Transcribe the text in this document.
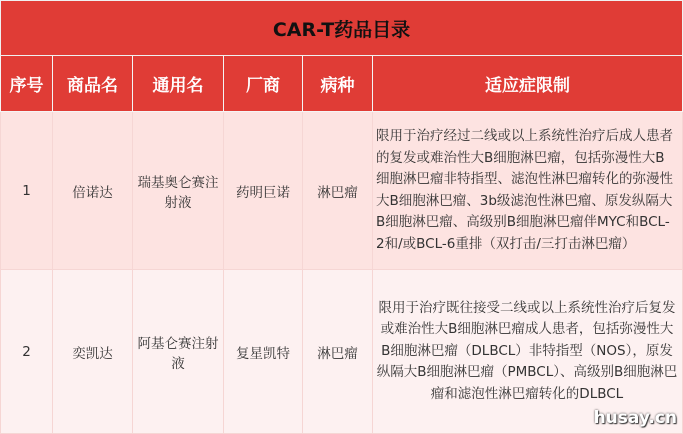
CAR-T药品目录					
序号	商品名	通用名	厂商	病种	适应症限制
1	倍诺达	瑞基奥仑赛注射液	药明巨诺	淋巴瘤	限用于治疗经过二线或以上系统性治疗后成人患者的复发或难治性大B细胞淋巴瘤，包括弥漫性大B细胞淋巴瘤非特指型、滤泡性淋巴瘤转化的弥漫性大B细胞淋巴瘤、3b级滤泡性淋巴瘤、原发纵隔大B细胞淋巴瘤、高级别B细胞淋巴瘤伴MYC和BCL-2和/或BCL-6重排（双打击/三打击淋巴瘤）
2	奕凯达	阿基仑赛注射液	复星凯特	淋巴瘤	限用于治疗既往接受二线或以上系统性治疗后复发或难治性大B细胞淋巴瘤成人患者，包括弥漫性大B细胞淋巴瘤（DLBCL）非特指型（NOS），原发纵隔大B细胞淋巴瘤（PMBCL）、高级别B细胞淋巴瘤和滤泡性淋巴瘤转化的DLBCL
husay.cn
